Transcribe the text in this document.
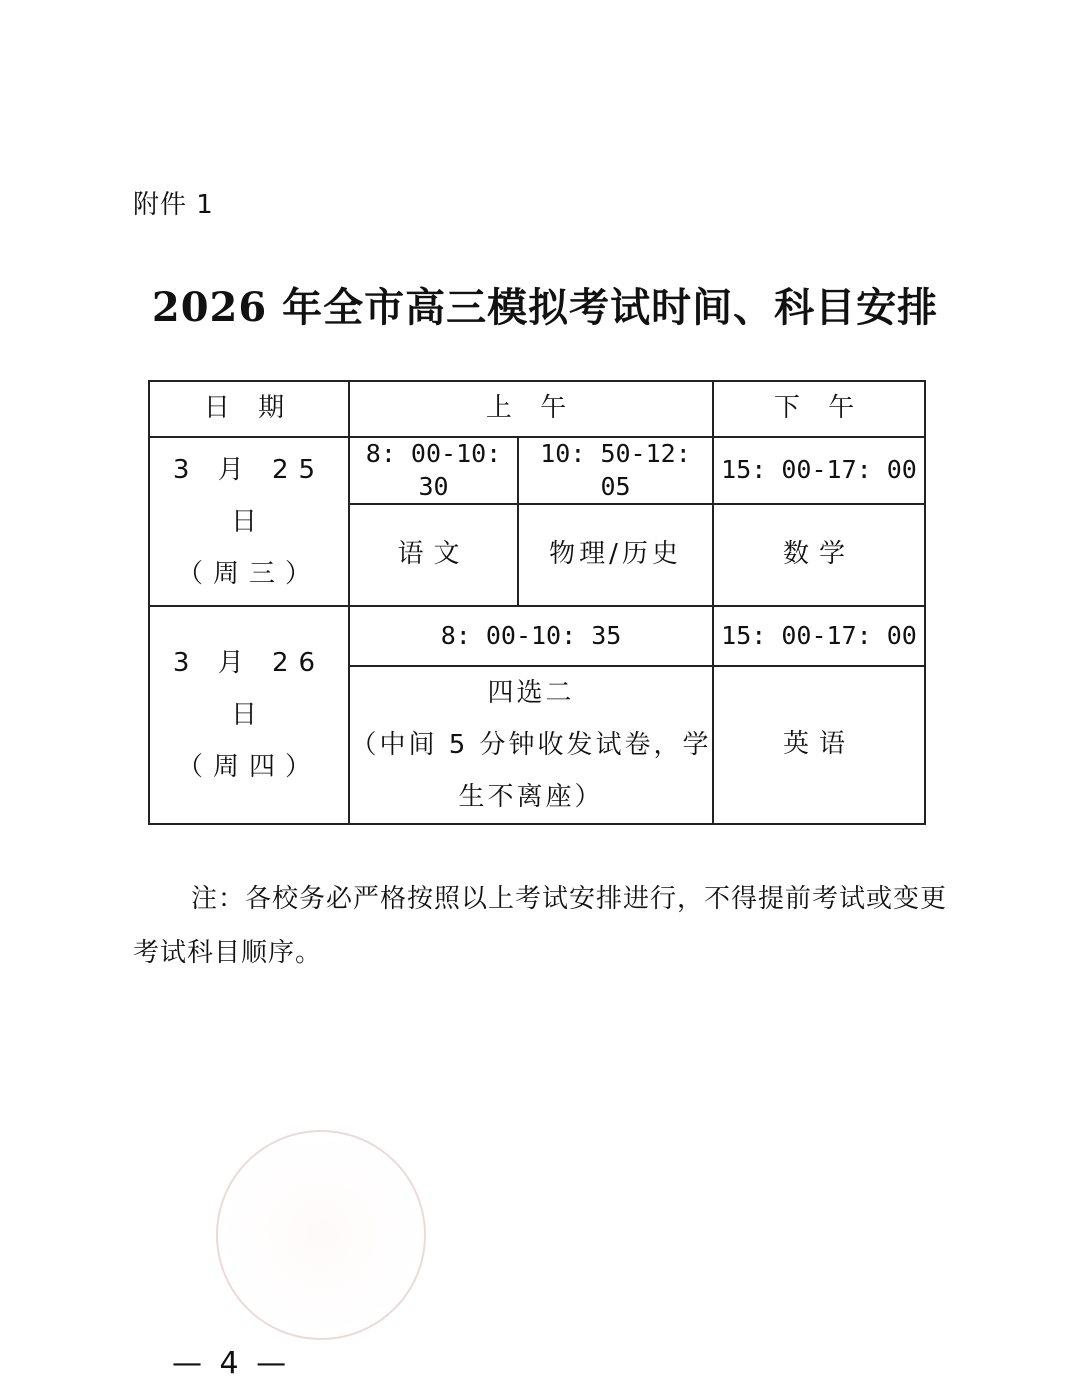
附件 1
2026 年全市高三模拟考试时间、科目安排
日 期	上 午		下 午

3 月 25 日
（周三）	8: 00-10: 30	10: 50-12: 05	15: 00-17: 00
	语文	物理/历史	数学

3 月 26 日
（周四）	8: 00-10: 35		15: 00-17: 00

	四选二
（中间 5 分钟收发试卷，学
生不离座）		英语
注：各校务必严格按照以上考试安排进行，不得提前考试或变更考试科目顺序。
— 4 —
